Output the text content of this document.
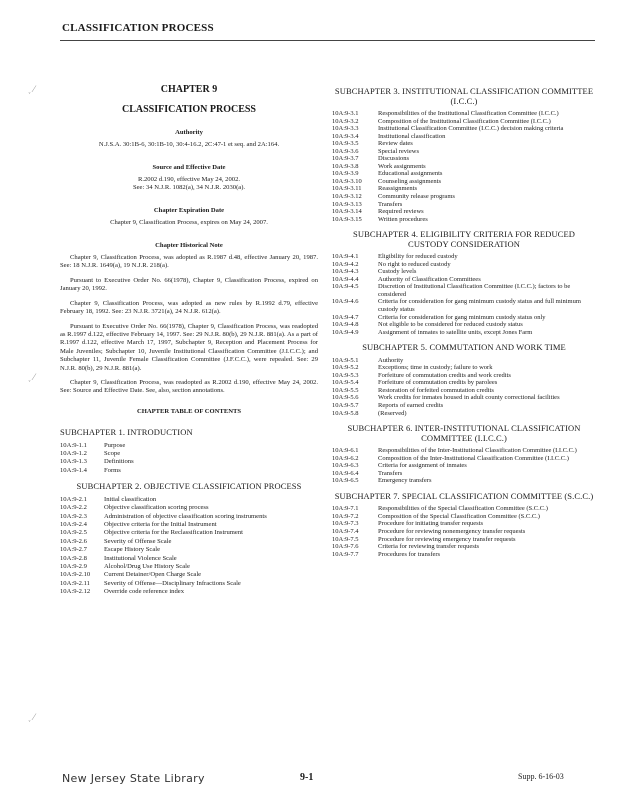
CLASSIFICATION PROCESS
˯ ⁄
˯ ⁄
˯ ⁄
CHAPTER 9
CLASSIFICATION PROCESS
Authority
N.J.S.A. 30:1B-6, 30:1B-10, 30:4-16.2, 2C:47-1 et seq. and 2A:164.
Source and Effective Date
R.2002 d.190, effective May 24, 2002.
See: 34 N.J.R. 1082(a), 34 N.J.R. 2030(a).
Chapter Expiration Date
Chapter 9, Classification Process, expires on May 24, 2007.
Chapter Historical Note

Chapter 9, Classification Process, was adopted as R.1987 d.48, effective January 20, 1987. See: 18 N.J.R. 1649(a), 19 N.J.R. 218(a).

Pursuant to Executive Order No. 66(1978), Chapter 9, Classification Process, expired on January 20, 1992.

Chapter 9, Classification Process, was adopted as new rules by R.1992 d.79, effective February 18, 1992. See: 23 N.J.R. 3721(a), 24 N.J.R. 612(a).

Pursuant to Executive Order No. 66(1978), Chapter 9, Classification Process, was readopted as R.1997 d.122, effective February 14, 1997. See: 29 N.J.R. 80(b), 29 N.J.R. 881(a). As a part of R.1997 d.122, effective March 17, 1997, Subchapter 9, Reception and Placement Process for Male Juveniles; Subchapter 10, Juvenile Institutional Classification Committee (J.I.C.C.); and Subchapter 11, Juvenile Female Classification Committee (J.F.C.C.), were repealed. See: 29 N.J.R. 80(b), 29 N.J.R. 881(a).

Chapter 9, Classification Process, was readopted as R.2002 d.190, effective May 24, 2002. See: Source and Effective Date. See, also, section annotations.

CHAPTER TABLE OF CONTENTS
SUBCHAPTER 1. INTRODUCTION
10A:9-1.1	Purpose
10A:9-1.2	Scope
10A:9-1.3	Definitions
10A:9-1.4	Forms
SUBCHAPTER 2. OBJECTIVE CLASSIFICATION PROCESS
10A:9-2.1	Initial classification
10A:9-2.2	Objective classification scoring process
10A:9-2.3	Administration of objective classification scoring instruments
10A:9-2.4	Objective criteria for the Initial Instrument
10A:9-2.5	Objective criteria for the Reclassification Instrument
10A:9-2.6	Severity of Offense Scale
10A:9-2.7	Escape History Scale
10A:9-2.8	Institutional Violence Scale
10A:9-2.9	Alcohol/Drug Use History Scale
10A:9-2.10	Current Detainer/Open Charge Scale
10A:9-2.11	Severity of Offense—Disciplinary Infractions Scale
10A:9-2.12	Override code reference index
SUBCHAPTER 3. INSTITUTIONAL CLASSIFICATION COMMITTEE (I.C.C.)
10A:9-3.1	Responsibilities of the Institutional Classification Committee (I.C.C.)
10A:9-3.2	Composition of the Institutional Classification Committee (I.C.C.)
10A:9-3.3	Institutional Classification Committee (I.C.C.) decision making criteria
10A:9-3.4	Institutional classification
10A:9-3.5	Review dates
10A:9-3.6	Special reviews
10A:9-3.7	Discussions
10A:9-3.8	Work assignments
10A:9-3.9	Educational assignments
10A:9-3.10	Counseling assignments
10A:9-3.11	Reassignments
10A:9-3.12	Community release programs
10A:9-3.13	Transfers
10A:9-3.14	Required reviews
10A:9-3.15	Written procedures
SUBCHAPTER 4. ELIGIBILITY CRITERIA FOR REDUCED CUSTODY CONSIDERATION
10A:9-4.1	Eligibility for reduced custody
10A:9-4.2	No right to reduced custody
10A:9-4.3	Custody levels
10A:9-4.4	Authority of Classification Committees
10A:9-4.5	Discretion of Institutional Classification Committee (I.C.C.); factors to be considered
10A:9-4.6	Criteria for consideration for gang minimum custody status and full minimum custody status
10A:9-4.7	Criteria for consideration for gang minimum custody status only
10A:9-4.8	Not eligible to be considered for reduced custody status
10A:9-4.9	Assignment of inmates to satellite units, except Jones Farm
SUBCHAPTER 5. COMMUTATION AND WORK TIME
10A:9-5.1	Authority
10A:9-5.2	Exceptions; time in custody; failure to work
10A:9-5.3	Forfeiture of commutation credits and work credits
10A:9-5.4	Forfeiture of commutation credits by parolees
10A:9-5.5	Restoration of forfeited commutation credits
10A:9-5.6	Work credits for inmates housed in adult county correctional facilities
10A:9-5.7	Reports of earned credits
10A:9-5.8	(Reserved)
SUBCHAPTER 6. INTER-INSTITUTIONAL CLASSIFICATION COMMITTEE (I.I.C.C.)
10A:9-6.1	Responsibilities of the Inter-Institutional Classification Committee (I.I.C.C.)
10A:9-6.2	Composition of the Inter-Institutional Classification Committee (I.I.C.C.)
10A:9-6.3	Criteria for assignment of inmates
10A:9-6.4	Transfers
10A:9-6.5	Emergency transfers
SUBCHAPTER 7. SPECIAL CLASSIFICATION COMMITTEE (S.C.C.)
10A:9-7.1	Responsibilities of the Special Classification Committee (S.C.C.)
10A:9-7.2	Composition of the Special Classification Committee (S.C.C.)
10A:9-7.3	Procedure for initiating transfer requests
10A:9-7.4	Procedure for reviewing nonemergency transfer requests
10A:9-7.5	Procedure for reviewing emergency transfer requests
10A:9-7.6	Criteria for reviewing transfer requests
10A:9-7.7	Procedures for transfers
New Jersey State Library	9-1	Supp. 6-16-03
